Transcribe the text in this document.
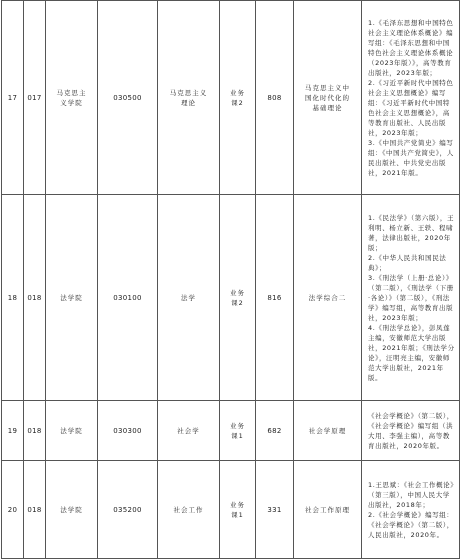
17	017	马克思主义学院	030500	马克思主义理论	业务课2	808	马克思主义中国化时代化的基础理论	1.《毛泽东思想和中国特色社会主义理论体系概论》编写组：《毛泽东思想和中国特色社会主义理论体系概论（2023年版）》，高等教育出版社，2023年版；
2.《习近平新时代中国特色社会主义思想概论》编写组：《习近平新时代中国特色社会主义思想概论》，高等教育出版社、人民出版社，2023年版；
3.《中国共产党简史》编写组：《中国共产党简史》，人民出版社、中共党史出版社，2021年版。

18	018	法学院	030100	法学	业务课2	816	法学综合二	1.《民法学》（第六版），王利明、杨立新、王轶、程啸著，法律出版社，2020年版；
2.《中华人民共和国民法典》；
3.《刑法学（上册·总论）》（第二版），《刑法学（下册·各论）》（第二版），《刑法学》编写组，高等教育出版社，2023年版；
4.《刑法学总论》，彭凤莲主编，安徽师范大学出版社，2021年版；《刑法学分论》，汪明亮主编，安徽师范大学出版社，2021年版。

19	018	法学院	030300	社会学	业务课1	682	社会学原理	《社会学概论》（第二版），《社会学概论》编写组（洪大用、李强主编），高等教育出版社，2020年版。

20	018	法学院	035200	社会工作	业务课1	331	社会工作原理	1.王思斌：《社会工作概论》（第三版），中国人民大学出版社，2018年；
2.《社会学概论》编写组：《社会学概论》（第二版），人民出版社，2020年。
